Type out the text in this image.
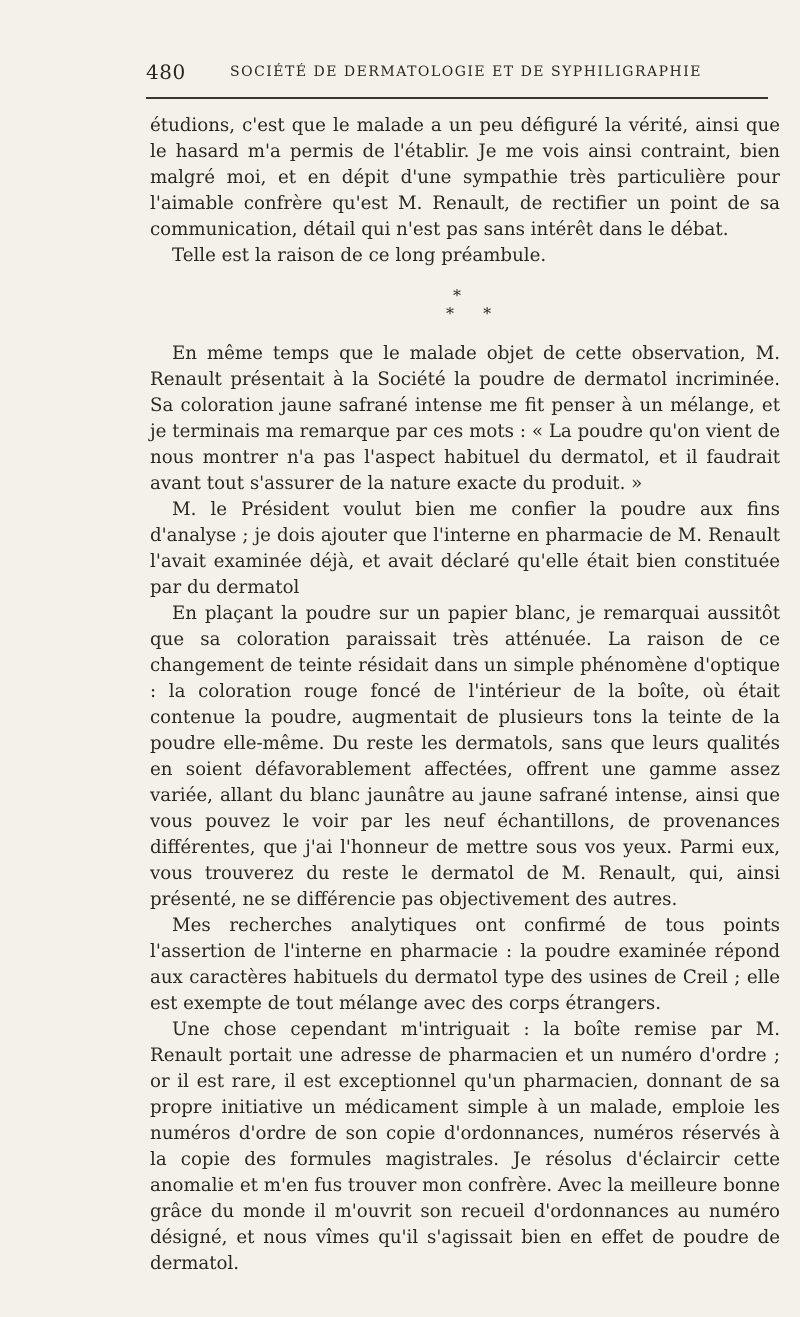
480	SOCIÉTÉ DE DERMATOLOGIE ET DE SYPHILIGRAPHIE

étudions, c'est que le malade a un peu défiguré la vérité, ainsi que le hasard m'a permis de l'établir. Je me vois ainsi contraint, bien malgré moi, et en dépit d'une sympathie très particulière pour l'aimable confrère qu'est M. Renault, de rectifier un point de sa communication, détail qui n'est pas sans intérêt dans le débat.

Telle est la raison de ce long préambule.

*
* *

En même temps que le malade objet de cette observation, M. Renault présentait à la Société la poudre de dermatol incriminée. Sa coloration jaune safrané intense me fit penser à un mélange, et je terminais ma remarque par ces mots : « La poudre qu'on vient de nous montrer n'a pas l'aspect habituel du dermatol, et il faudrait avant tout s'assurer de la nature exacte du produit. »

M. le Président voulut bien me confier la poudre aux fins d'analyse ; je dois ajouter que l'interne en pharmacie de M. Renault l'avait examinée déjà, et avait déclaré qu'elle était bien constituée par du dermatol

En plaçant la poudre sur un papier blanc, je remarquai aussitôt que sa coloration paraissait très atténuée. La raison de ce changement de teinte résidait dans un simple phénomène d'optique : la coloration rouge foncé de l'intérieur de la boîte, où était contenue la poudre, augmentait de plusieurs tons la teinte de la poudre elle-même. Du reste les dermatols, sans que leurs qualités en soient défavorablement affectées, offrent une gamme assez variée, allant du blanc jaunâtre au jaune safrané intense, ainsi que vous pouvez le voir par les neuf échantillons, de provenances différentes, que j'ai l'honneur de mettre sous vos yeux. Parmi eux, vous trouverez du reste le dermatol de M. Renault, qui, ainsi présenté, ne se différencie pas objectivement des autres.

Mes recherches analytiques ont confirmé de tous points l'assertion de l'interne en pharmacie : la poudre examinée répond aux caractères habituels du dermatol type des usines de Creil ; elle est exempte de tout mélange avec des corps étrangers.

Une chose cependant m'intriguait : la boîte remise par M. Renault portait une adresse de pharmacien et un numéro d'ordre ; or il est rare, il est exceptionnel qu'un pharmacien, donnant de sa propre initiative un médicament simple à un malade, emploie les numéros d'ordre de son copie d'ordonnances, numéros réservés à la copie des formules magistrales. Je résolus d'éclaircir cette anomalie et m'en fus trouver mon confrère. Avec la meilleure bonne grâce du monde il m'ouvrit son recueil d'ordonnances au numéro désigné, et nous vîmes qu'il s'agissait bien en effet de poudre de dermatol.
